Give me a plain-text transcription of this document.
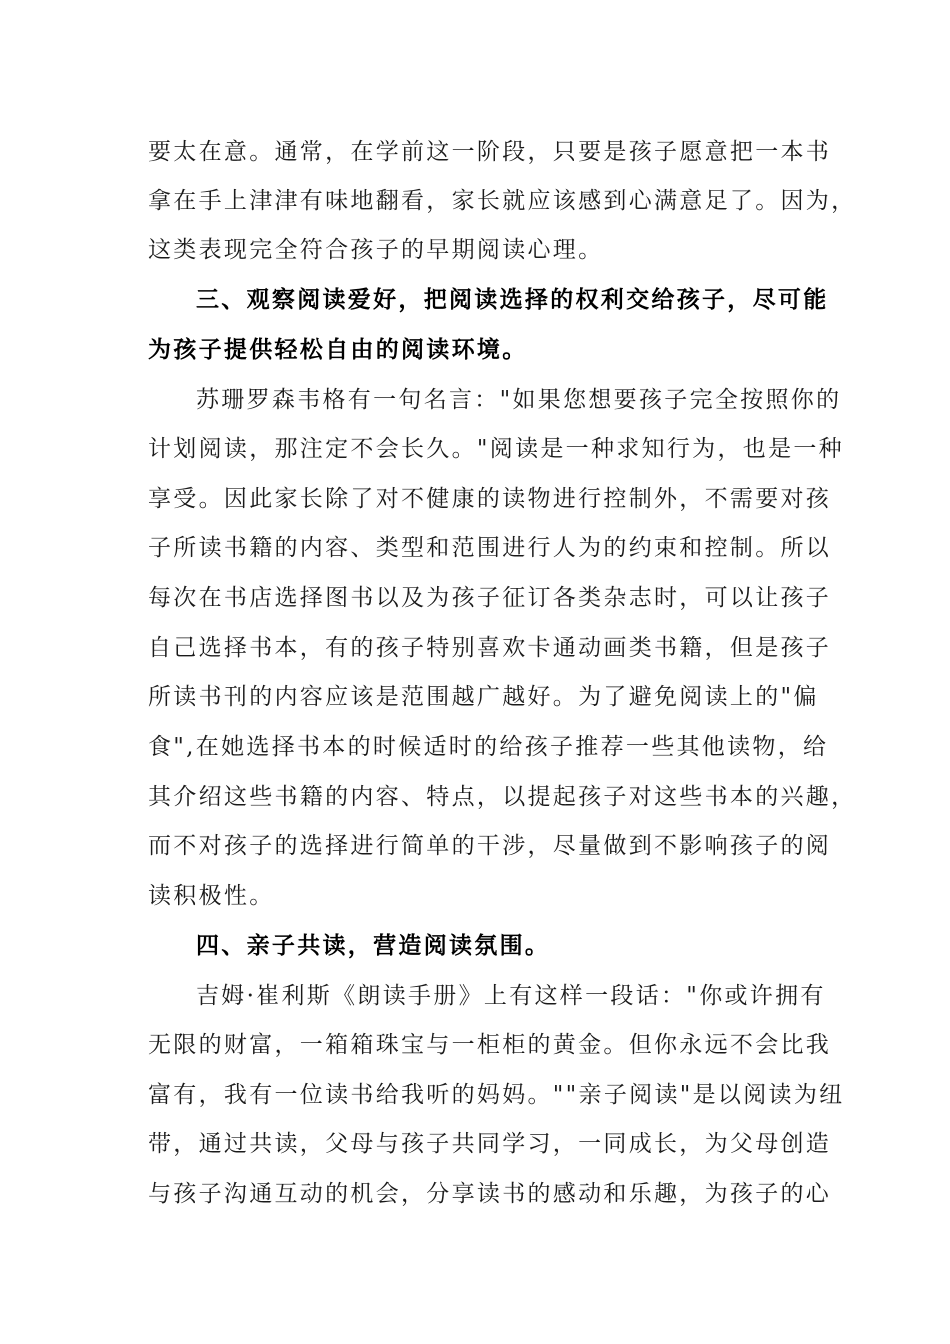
要太在意。通常，在学前这一阶段，只要是孩子愿意把一本书
拿在手上津津有味地翻看，家长就应该感到心满意足了。因为，
这类表现完全符合孩子的早期阅读心理。
三、观察阅读爱好，把阅读选择的权利交给孩子，尽可能
为孩子提供轻松自由的阅读环境。
苏珊罗森韦格有一句名言："如果您想要孩子完全按照你的
计划阅读，那注定不会长久。"阅读是一种求知行为，也是一种
享受。因此家长除了对不健康的读物进行控制外，不需要对孩
子所读书籍的内容、类型和范围进行人为的约束和控制。所以
每次在书店选择图书以及为孩子征订各类杂志时，可以让孩子
自己选择书本，有的孩子特别喜欢卡通动画类书籍，但是孩子
所读书刊的内容应该是范围越广越好。为了避免阅读上的"偏
食",在她选择书本的时候适时的给孩子推荐一些其他读物，给
其介绍这些书籍的内容、特点，以提起孩子对这些书本的兴趣，
而不对孩子的选择进行简单的干涉，尽量做到不影响孩子的阅
读积极性。
四、亲子共读，营造阅读氛围。
吉姆·崔利斯《朗读手册》上有这样一段话："你或许拥有
无限的财富，一箱箱珠宝与一柜柜的黄金。但你永远不会比我
富有，我有一位读书给我听的妈妈。""亲子阅读"是以阅读为纽
带，通过共读，父母与孩子共同学习，一同成长，为父母创造
与孩子沟通互动的机会，分享读书的感动和乐趣，为孩子的心
